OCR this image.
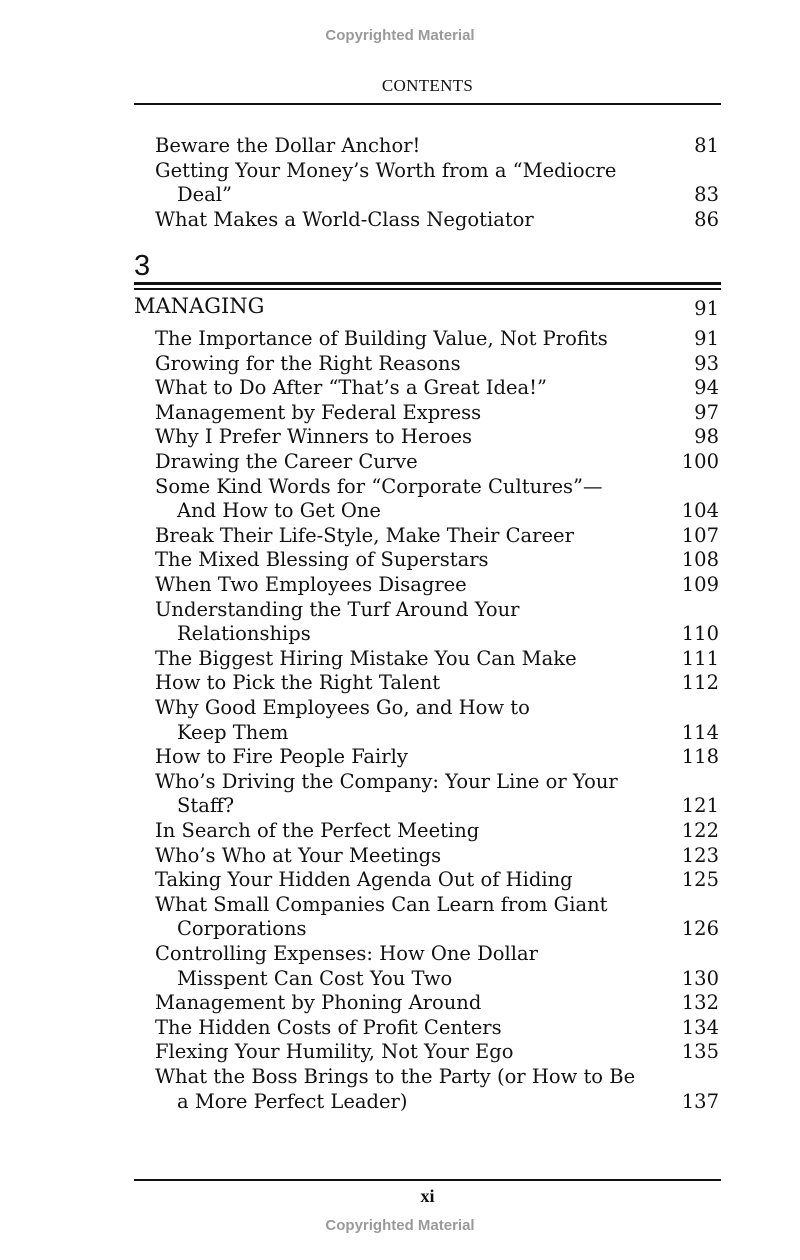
Copyrighted Material
CONTENTS
Beware the Dollar Anchor!	81
Getting Your Money’s Worth from a “Mediocre
Deal”	83
What Makes a World-Class Negotiator	86
3
MANAGING	91
The Importance of Building Value, Not Profits	91
Growing for the Right Reasons	93
What to Do After “That’s a Great Idea!”	94
Management by Federal Express	97
Why I Prefer Winners to Heroes	98
Drawing the Career Curve	100
Some Kind Words for “Corporate Cultures”—
And How to Get One	104
Break Their Life-Style, Make Their Career	107
The Mixed Blessing of Superstars	108
When Two Employees Disagree	109
Understanding the Turf Around Your
Relationships	110
The Biggest Hiring Mistake You Can Make	111
How to Pick the Right Talent	112
Why Good Employees Go, and How to
Keep Them	114
How to Fire People Fairly	118
Who’s Driving the Company: Your Line or Your
Staff?	121
In Search of the Perfect Meeting	122
Who’s Who at Your Meetings	123
Taking Your Hidden Agenda Out of Hiding	125
What Small Companies Can Learn from Giant
Corporations	126
Controlling Expenses: How One Dollar
Misspent Can Cost You Two	130
Management by Phoning Around	132
The Hidden Costs of Profit Centers	134
Flexing Your Humility, Not Your Ego	135
What the Boss Brings to the Party (or How to Be
a More Perfect Leader)	137
xi
Copyrighted Material
